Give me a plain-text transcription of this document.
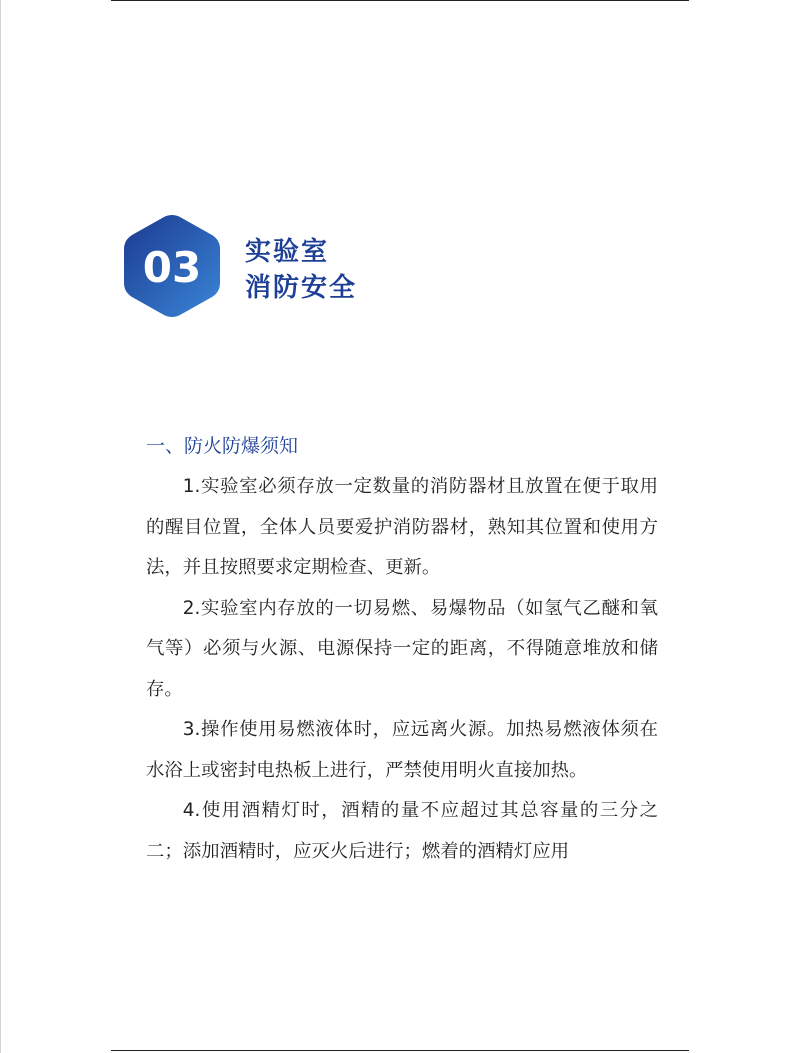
03 实验室
消防安全
一、防火防爆须知

1.实验室必须存放一定数量的消防器材且放置在便于取用的醒目位置，全体人员要爱护消防器材，熟知其位置和使用方法，并且按照要求定期检查、更新。

2.实验室内存放的一切易燃、易爆物品（如氢气乙醚和氧气等）必须与火源、电源保持一定的距离，不得随意堆放和储存。

3.操作使用易燃液体时，应远离火源。加热易燃液体须在水浴上或密封电热板上进行，严禁使用明火直接加热。

4.使用酒精灯时，酒精的量不应超过其总容量的三分之二；添加酒精时，应灭火后进行；燃着的酒精灯应用
